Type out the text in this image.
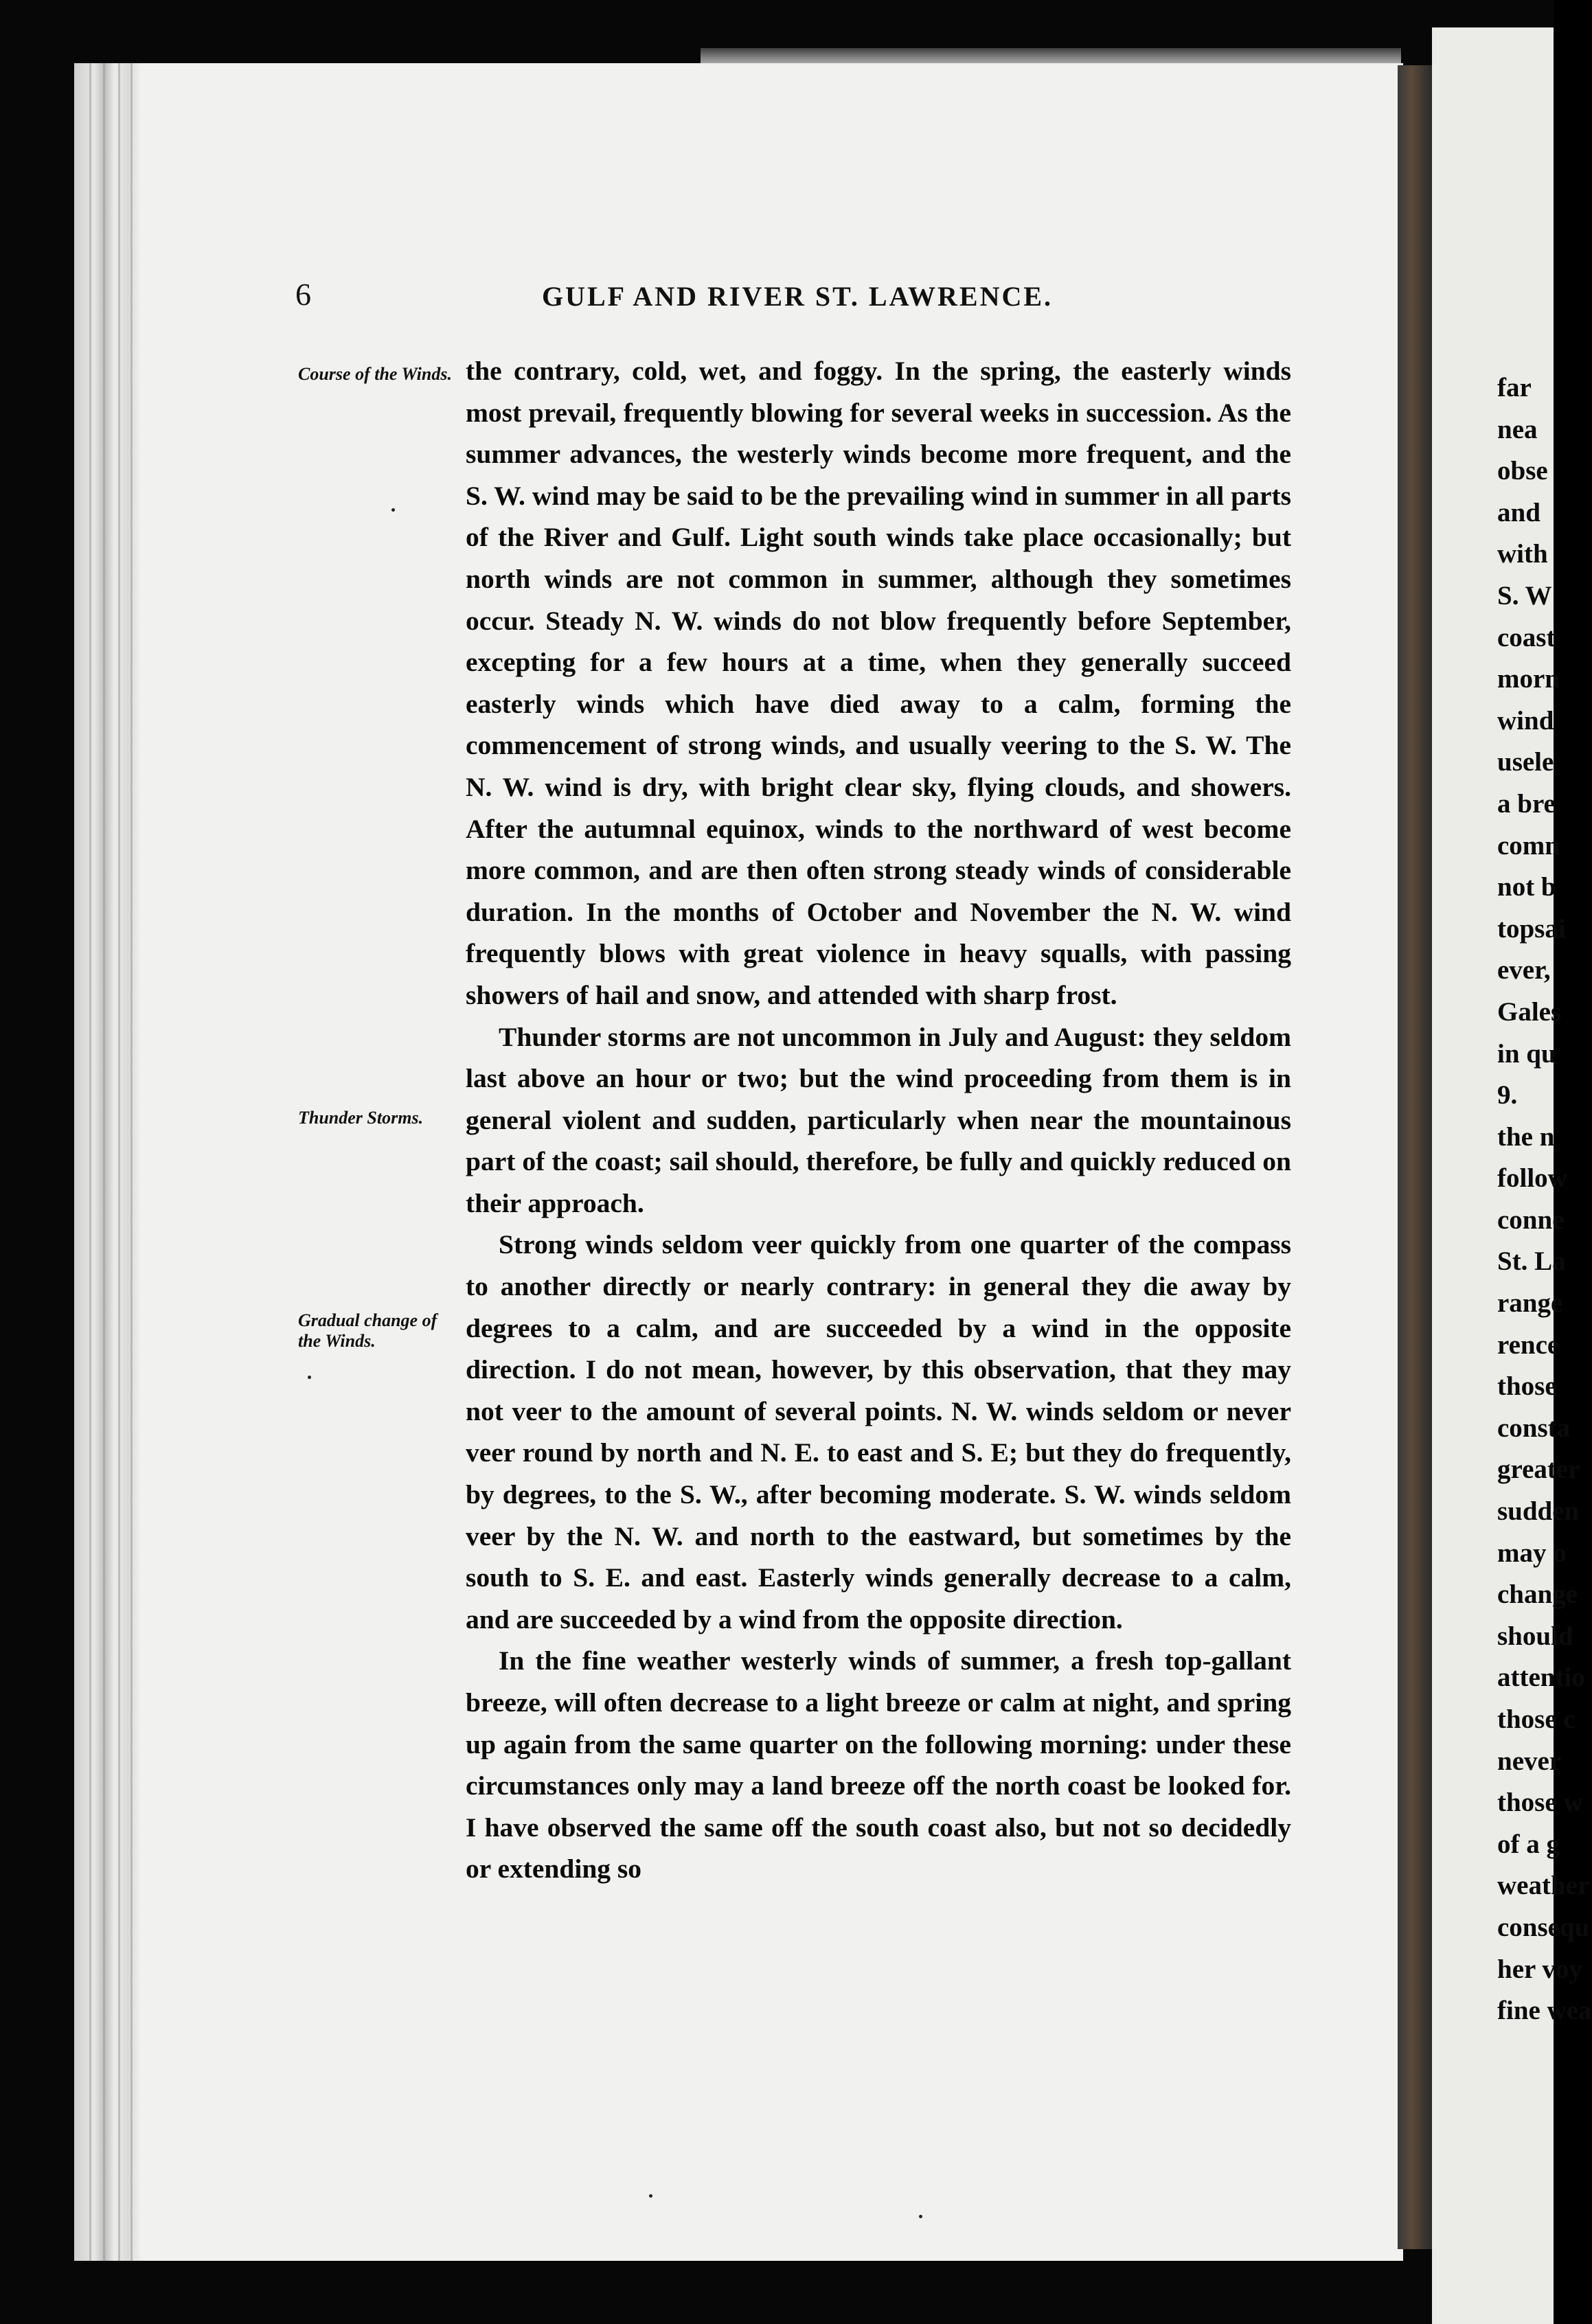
6	GULF AND RIVER ST. LAWRENCE.
Course of the Winds.
Thunder Storms.
Gradual change of the Winds.

the contrary, cold, wet, and foggy. In the spring, the easterly winds most prevail, frequently blowing for several weeks in succession. As the summer advances, the westerly winds become more frequent, and the S. W. wind may be said to be the prevailing wind in summer in all parts of the River and Gulf. Light south winds take place occasionally; but north winds are not common in summer, although they sometimes occur. Steady N. W. winds do not blow frequently before September, excepting for a few hours at a time, when they generally succeed easterly winds which have died away to a calm, forming the commencement of strong winds, and usually veering to the S. W. The N. W. wind is dry, with bright clear sky, flying clouds, and showers. After the autumnal equinox, winds to the northward of west become more common, and are then often strong steady winds of considerable duration. In the months of October and November the N. W. wind frequently blows with great violence in heavy squalls, with passing showers of hail and snow, and attended with sharp frost.

Thunder storms are not uncommon in July and August: they seldom last above an hour or two; but the wind proceeding from them is in general violent and sudden, particularly when near the mountainous part of the coast; sail should, therefore, be fully and quickly reduced on their approach.

Strong winds seldom veer quickly from one quarter of the compass to another directly or nearly contrary: in general they die away by degrees to a calm, and are succeeded by a wind in the opposite direction. I do not mean, however, by this observation, that they may not veer to the amount of several points. N. W. winds seldom or never veer round by north and N. E. to east and S. E; but they do frequently, by degrees, to the S. W., after becoming moderate. S. W. winds seldom veer by the N. W. and north to the eastward, but sometimes by the south to S. E. and east. Easterly winds generally decrease to a calm, and are succeeded by a wind from the opposite direction.

In the fine weather westerly winds of summer, a fresh top-gallant breeze, will often decrease to a light breeze or calm at night, and spring up again from the same quarter on the following morning: under these circumstances only may a land breeze off the north coast be looked for. I have observed the same off the south coast also, but not so decidedly or extending so

far
nea
obse
and
with
S. W
coast
morn
wind
usele
a bre
comn
not b
topsai
ever,
Gales
in qu
9.
the n
follow
conne
St. La
range
rence
those
consta
greater
sudden
may o
change
should
attentio
those c
never
those w
of a g
weather
consequ
her voy
fine wea
